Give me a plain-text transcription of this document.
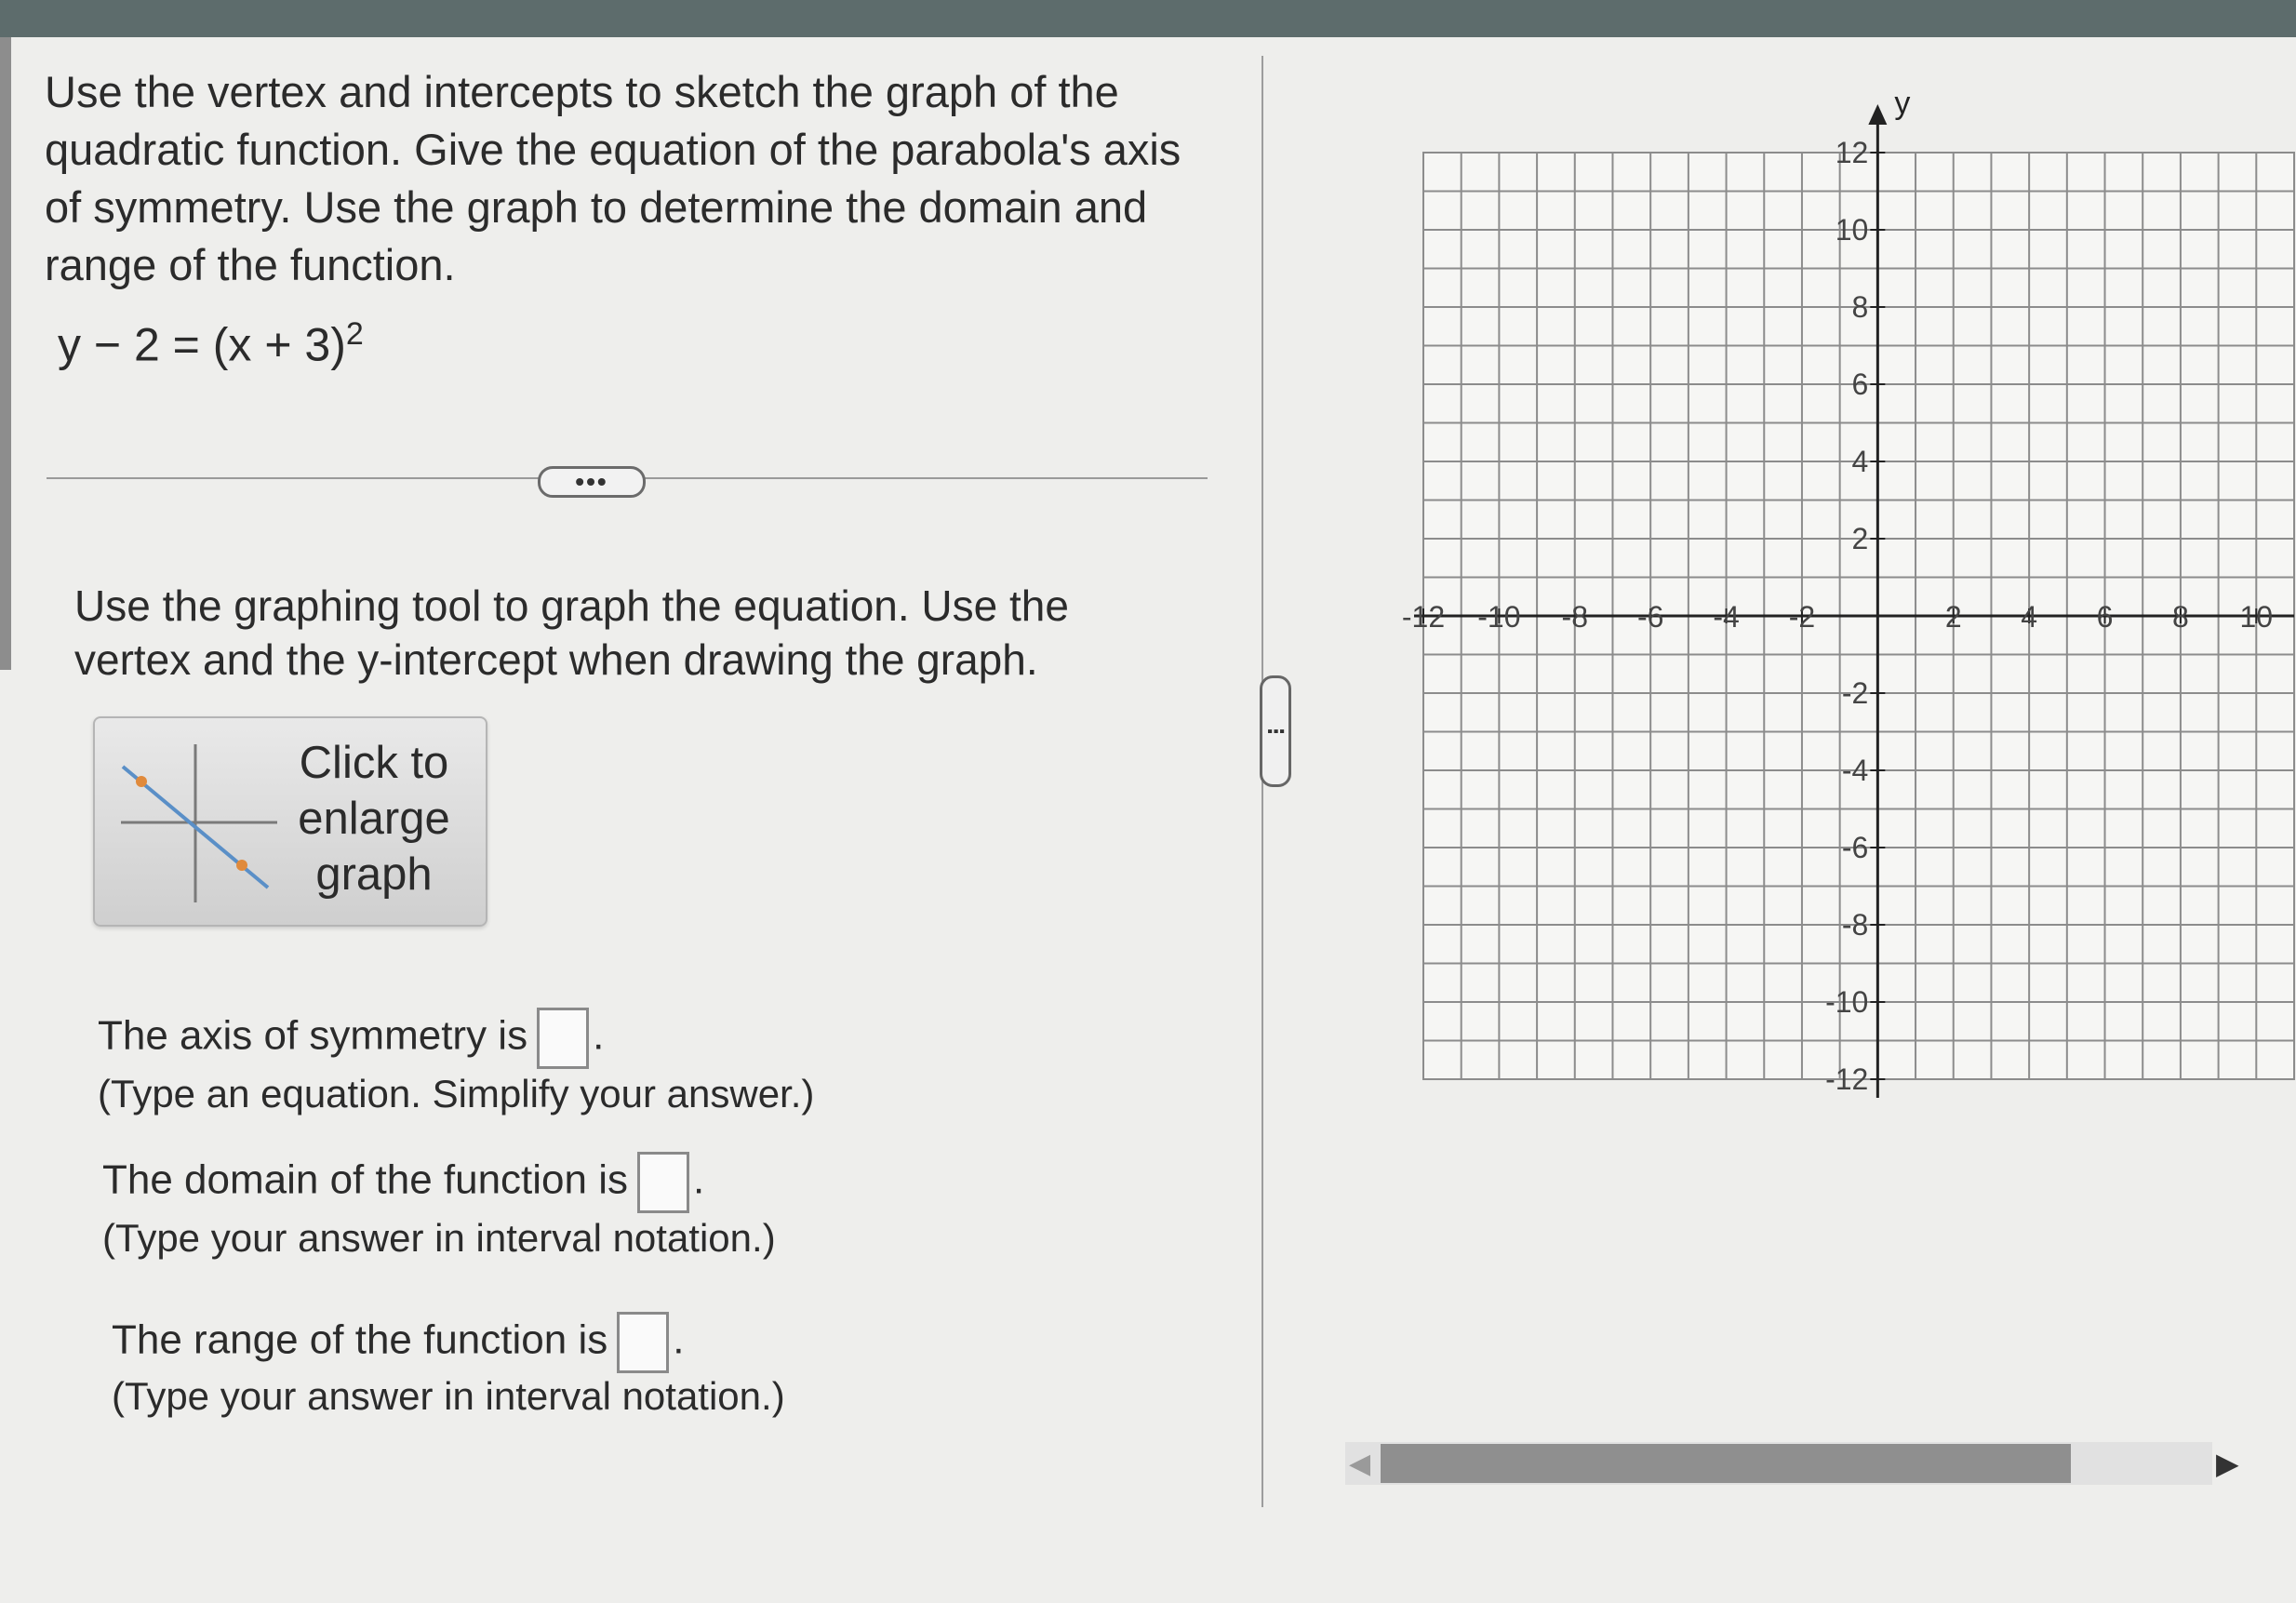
Use the vertex and intercepts to sketch the graph of the quadratic function. Give the equation of the parabola's axis of symmetry. Use the graph to determine the domain and range of the function.

$y - 2 = (x + 3)^2$
•••

Use the graphing tool to graph the equation. Use the vertex and the y-intercept when drawing the graph.

Click to enlarge graph
The axis of symmetry is .
(Type an equation. Simplify your answer.)
The domain of the function is .
(Type your answer in interval notation.)
The range of the function is .
(Type your answer in interval notation.)
⋮
y
-12 -10 -8 -6 -4 -2	2 4 6 8 10
12
10
8
6
4
2
-2
-4
-6
-8
-10
-12
◀	▶
